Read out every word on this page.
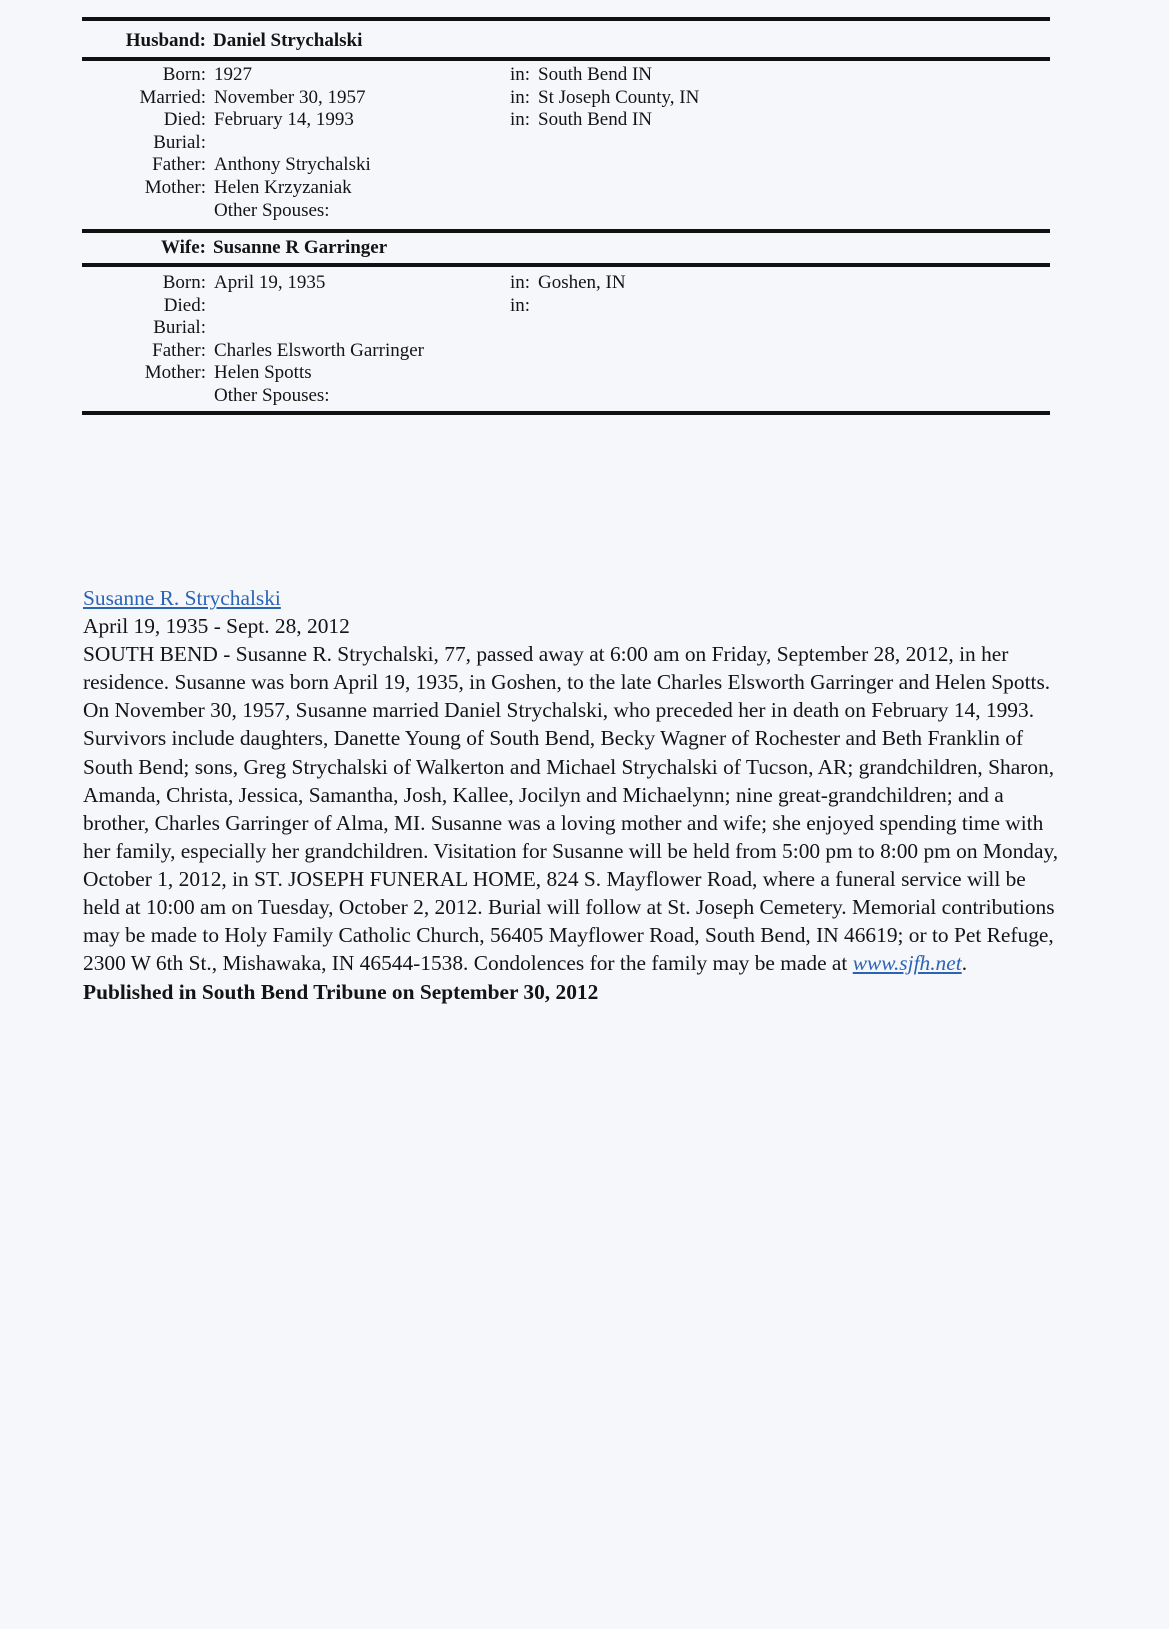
Husband: Daniel Strychalski
Born: 1927	in: South Bend IN
Married: November 30, 1957	in: St Joseph County, IN
Died: February 14, 1993	in: South Bend IN
Burial:
Father: Anthony Strychalski
Mother: Helen Krzyzaniak
Other Spouses:
Wife: Susanne R Garringer
Born: April 19, 1935	in: Goshen, IN
Died:	in:
Burial:
Father: Charles Elsworth Garringer
Mother: Helen Spotts
Other Spouses:
Susanne R. Strychalski
April 19, 1935 - Sept. 28, 2012
SOUTH BEND - Susanne R. Strychalski, 77, passed away at 6:00 am on Friday, September 28, 2012, in her residence. Susanne was born April 19, 1935, in Goshen, to the late Charles Elsworth Garringer and Helen Spotts. On November 30, 1957, Susanne married Daniel Strychalski, who preceded her in death on February 14, 1993. Survivors include daughters, Danette Young of South Bend, Becky Wagner of Rochester and Beth Franklin of South Bend; sons, Greg Strychalski of Walkerton and Michael Strychalski of Tucson, AR; grandchildren, Sharon, Amanda, Christa, Jessica, Samantha, Josh, Kallee, Jocilyn and Michaelynn; nine great-grandchildren; and a brother, Charles Garringer of Alma, MI. Susanne was a loving mother and wife; she enjoyed spending time with her family, especially her grandchildren. Visitation for Susanne will be held from 5:00 pm to 8:00 pm on Monday, October 1, 2012, in ST. JOSEPH FUNERAL HOME, 824 S. Mayflower Road, where a funeral service will be held at 10:00 am on Tuesday, October 2, 2012. Burial will follow at St. Joseph Cemetery. Memorial contributions may be made to Holy Family Catholic Church, 56405 Mayflower Road, South Bend, IN 46619; or to Pet Refuge, 2300 W 6th St., Mishawaka, IN 46544-1538. Condolences for the family may be made at www.sjfh.net.
Published in South Bend Tribune on September 30, 2012
